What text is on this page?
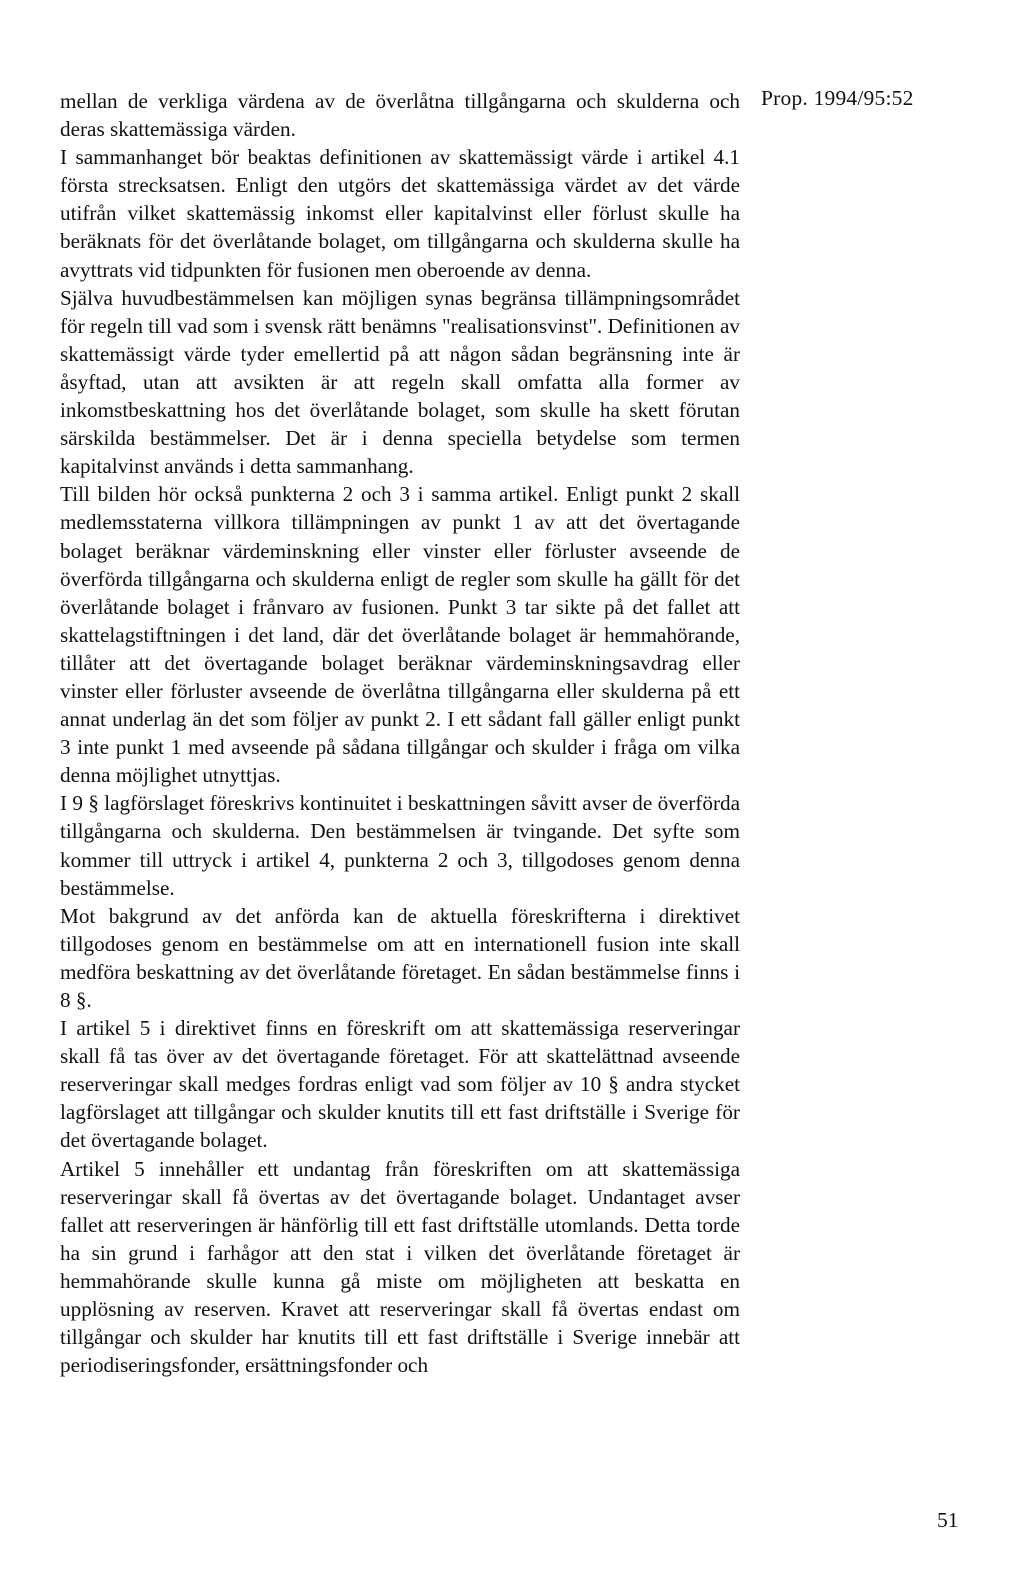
Prop. 1994/95:52

mellan de verkliga värdena av de överlåtna tillgångarna och skulderna och deras skattemässiga värden.

I sammanhanget bör beaktas definitionen av skattemässigt värde i artikel 4.1 första strecksatsen. Enligt den utgörs det skattemässiga värdet av det värde utifrån vilket skattemässig inkomst eller kapitalvinst eller förlust skulle ha beräknats för det överlåtande bolaget, om tillgångarna och skulderna skulle ha avyttrats vid tidpunkten för fusionen men oberoende av denna.

Själva huvudbestämmelsen kan möjligen synas begränsa tillämpningsområdet för regeln till vad som i svensk rätt benämns "realisationsvinst". Definitionen av skattemässigt värde tyder emellertid på att någon sådan begränsning inte är åsyftad, utan att avsikten är att regeln skall omfatta alla former av inkomstbeskattning hos det överlåtande bolaget, som skulle ha skett förutan särskilda bestämmelser. Det är i denna speciella betydelse som termen kapitalvinst används i detta sammanhang.

Till bilden hör också punkterna 2 och 3 i samma artikel. Enligt punkt 2 skall medlemsstaterna villkora tillämpningen av punkt 1 av att det övertagande bolaget beräknar värdeminskning eller vinster eller förluster avseende de överförda tillgångarna och skulderna enligt de regler som skulle ha gällt för det överlåtande bolaget i frånvaro av fusionen. Punkt 3 tar sikte på det fallet att skattelagstiftningen i det land, där det överlåtande bolaget är hemmahörande, tillåter att det övertagande bolaget beräknar värdeminskningsavdrag eller vinster eller förluster avseende de överlåtna tillgångarna eller skulderna på ett annat underlag än det som följer av punkt 2. I ett sådant fall gäller enligt punkt 3 inte punkt 1 med avseende på sådana tillgångar och skulder i fråga om vilka denna möjlighet utnyttjas.

I 9 § lagförslaget föreskrivs kontinuitet i beskattningen såvitt avser de överförda tillgångarna och skulderna. Den bestämmelsen är tvingande. Det syfte som kommer till uttryck i artikel 4, punkterna 2 och 3, tillgodoses genom denna bestämmelse.

Mot bakgrund av det anförda kan de aktuella föreskrifterna i direktivet tillgodoses genom en bestämmelse om att en internationell fusion inte skall medföra beskattning av det överlåtande företaget. En sådan bestämmelse finns i 8 §.

I artikel 5 i direktivet finns en föreskrift om att skattemässiga reserveringar skall få tas över av det övertagande företaget. För att skattelättnad avseende reserveringar skall medges fordras enligt vad som följer av 10 § andra stycket lagförslaget att tillgångar och skulder knutits till ett fast driftställe i Sverige för det övertagande bolaget.

Artikel 5 innehåller ett undantag från föreskriften om att skattemässiga reserveringar skall få övertas av det övertagande bolaget. Undantaget avser fallet att reserveringen är hänförlig till ett fast driftställe utomlands. Detta torde ha sin grund i farhågor att den stat i vilken det överlåtande företaget är hemmahörande skulle kunna gå miste om möjligheten att beskatta en upplösning av reserven. Kravet att reserveringar skall få övertas endast om tillgångar och skulder har knutits till ett fast driftställe i Sverige innebär att periodiseringsfonder, ersättningsfonder och

51
